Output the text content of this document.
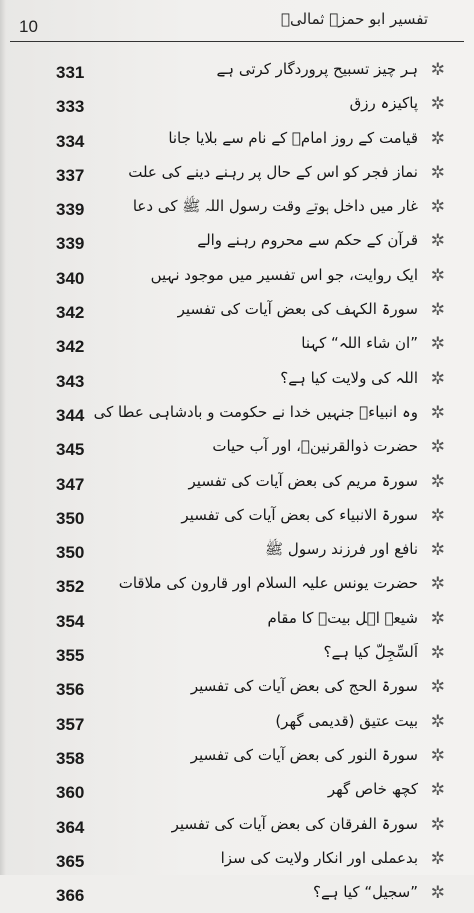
10	تفسیر ابو حمزہ ثمالیؒ
331	ہر چیز تسبیح پروردگار کرتی ہے ✲
333	پاکیزہ رزق ✲
334	قیامت کے روز امامؑ کے نام سے بلایا جانا ✲
337	نماز فجر کو اس کے حال پر رہنے دینے کی علت ✲
339	غار میں داخل ہوتے وقت رسول اللہ ﷺ کی دعا ✲
339	قرآن کے حکم سے محروم رہنے والے ✲
340	ایک روایت، جو اس تفسیر میں موجود نہیں ✲
342	سورۃ الکہف کی بعض آیات کی تفسیر ✲
342	”ان شاء اللہ“ کہنا ✲
343	اللہ کی ولایت کیا ہے؟ ✲
344 وہ انبیاءؑ جنہیں خدا نے حکومت و بادشاہی عطا کی ✲
345	حضرت ذوالقرنینؑ، اور آب حیات ✲
347	سورۃ مریم کی بعض آیات کی تفسیر ✲
350	سورۃ الانبیاء کی بعض آیات کی تفسیر ✲
350	نافع اور فرزند رسول ﷺ ✲
352 حضرت یونس علیہ السلام اور قارون کی ملاقات ✲
354	شیعہ اہل بیتؑ کا مقام ✲
355	اَلسِّجِلّ کیا ہے؟ ✲
356	سورۃ الحج کی بعض آیات کی تفسیر ✲
357	بیت عتیق (قدیمی گھر) ✲
358	سورۃ النور کی بعض آیات کی تفسیر ✲
360	کچھ خاص گھر ✲
364	سورۃ الفرقان کی بعض آیات کی تفسیر ✲
365	بدعملی اور انکار ولایت کی سزا ✲
366	”سجیل“ کیا ہے؟ ✲
